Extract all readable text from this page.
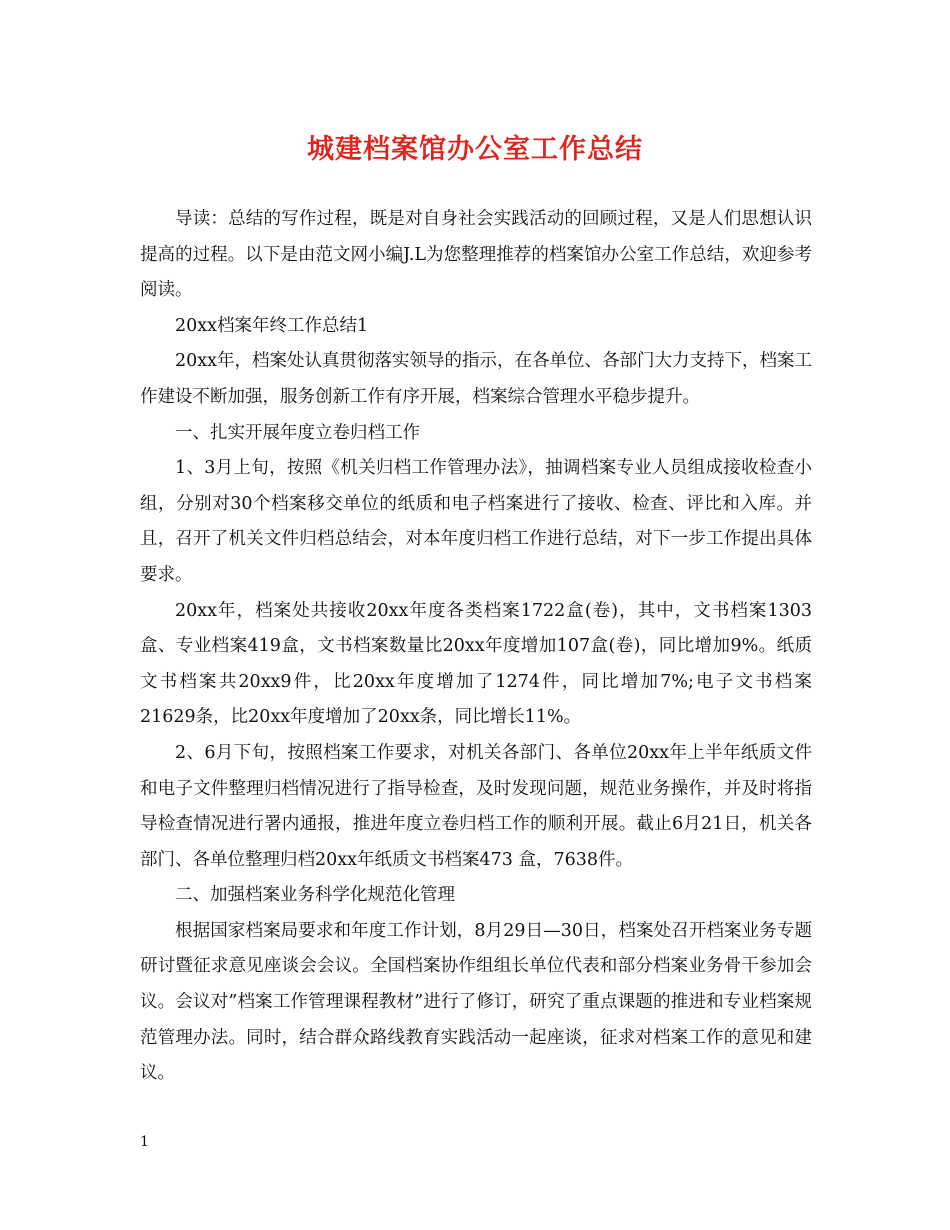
城建档案馆办公室工作总结

导读：总结的写作过程，既是对自身社会实践活动的回顾过程，又是人们思想认识提高的过程。以下是由范文网小编J.L为您整理推荐的档案馆办公室工作总结，欢迎参考阅读。

20xx档案年终工作总结1

20xx年，档案处认真贯彻落实领导的指示，在各单位、各部门大力支持下，档案工作建设不断加强，服务创新工作有序开展，档案综合管理水平稳步提升。

一、扎实开展年度立卷归档工作

1、3月上旬，按照《机关归档工作管理办法》，抽调档案专业人员组成接收检查小组，分别对30个档案移交单位的纸质和电子档案进行了接收、检查、评比和入库。并且，召开了机关文件归档总结会，对本年度归档工作进行总结，对下一步工作提出具体要求。

20xx年，档案处共接收20xx年度各类档案1722盒(卷)，其中，文书档案1303盒、专业档案419盒，文书档案数量比20xx年度增加107盒(卷)，同比增加9%。纸质文书档案共20xx9件，比20xx年度增加了1274件，同比增加7%;电子文书档案 21629条，比20xx年度增加了20xx条，同比增长11%。

2、6月下旬，按照档案工作要求，对机关各部门、各单位20xx年上半年纸质文件和电子文件整理归档情况进行了指导检查，及时发现问题，规范业务操作，并及时将指导检查情况进行署内通报，推进年度立卷归档工作的顺利开展。截止6月21日，机关各部门、各单位整理归档20xx年纸质文书档案473 盒，7638件。

二、加强档案业务科学化规范化管理

根据国家档案局要求和年度工作计划，8月29日—30日，档案处召开档案业务专题研讨暨征求意见座谈会会议。全国档案协作组组长单位代表和部分档案业务骨干参加会议。会议对”档案工作管理课程教材”进行了修订，研究了重点课题的推进和专业档案规范管理办法。同时，结合群众路线教育实践活动一起座谈，征求对档案工作的意见和建议。

1
